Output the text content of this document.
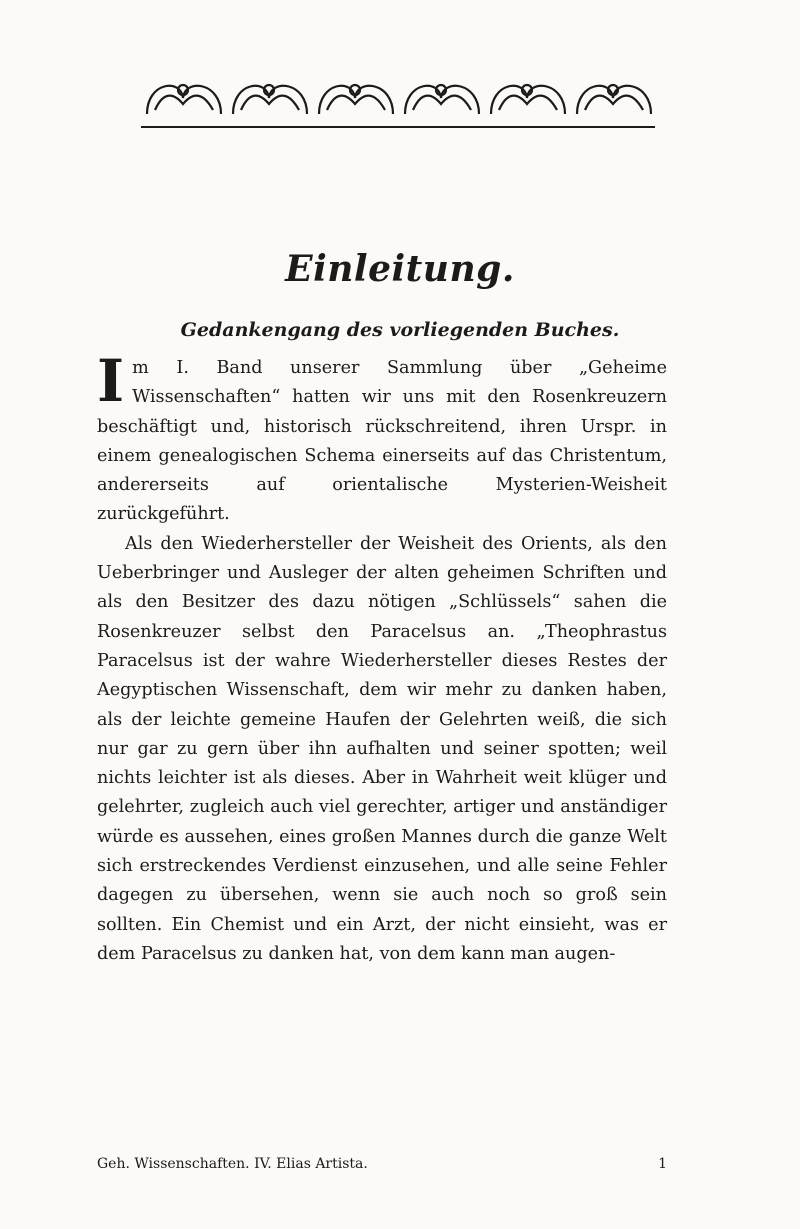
Einleitung.
Gedankengang des vorliegenden Buches.

Im I. Band unserer Sammlung über „Geheime Wissenschaften“ hatten wir uns mit den Rosenkreuzern beschäftigt und, historisch rückschreitend, ihren Urspr. in einem genealogischen Schema einerseits auf das Christentum, andererseits auf orientalische Mysterien-Weisheit zurückgeführt.

Als den Wiederhersteller der Weisheit des Orients, als den Ueberbringer und Ausleger der alten geheimen Schriften und als den Besitzer des dazu nötigen „Schlüssels“ sahen die Rosenkreuzer selbst den Paracelsus an. „Theophrastus Paracelsus ist der wahre Wiederhersteller dieses Restes der Aegyptischen Wissenschaft, dem wir mehr zu danken haben, als der leichte gemeine Haufen der Gelehrten weiß, die sich nur gar zu gern über ihn aufhalten und seiner spotten; weil nichts leichter ist als dieses. Aber in Wahrheit weit klüger und gelehrter, zugleich auch viel gerechter, artiger und anständiger würde es aussehen, eines großen Mannes durch die ganze Welt sich erstreckendes Verdienst einzusehen, und alle seine Fehler dagegen zu übersehen, wenn sie auch noch so groß sein sollten. Ein Chemist und ein Arzt, der nicht einsieht, was er dem Paracelsus zu danken hat, von dem kann man augen-

Geh. Wissenschaften. IV. Elias Artista.	1
